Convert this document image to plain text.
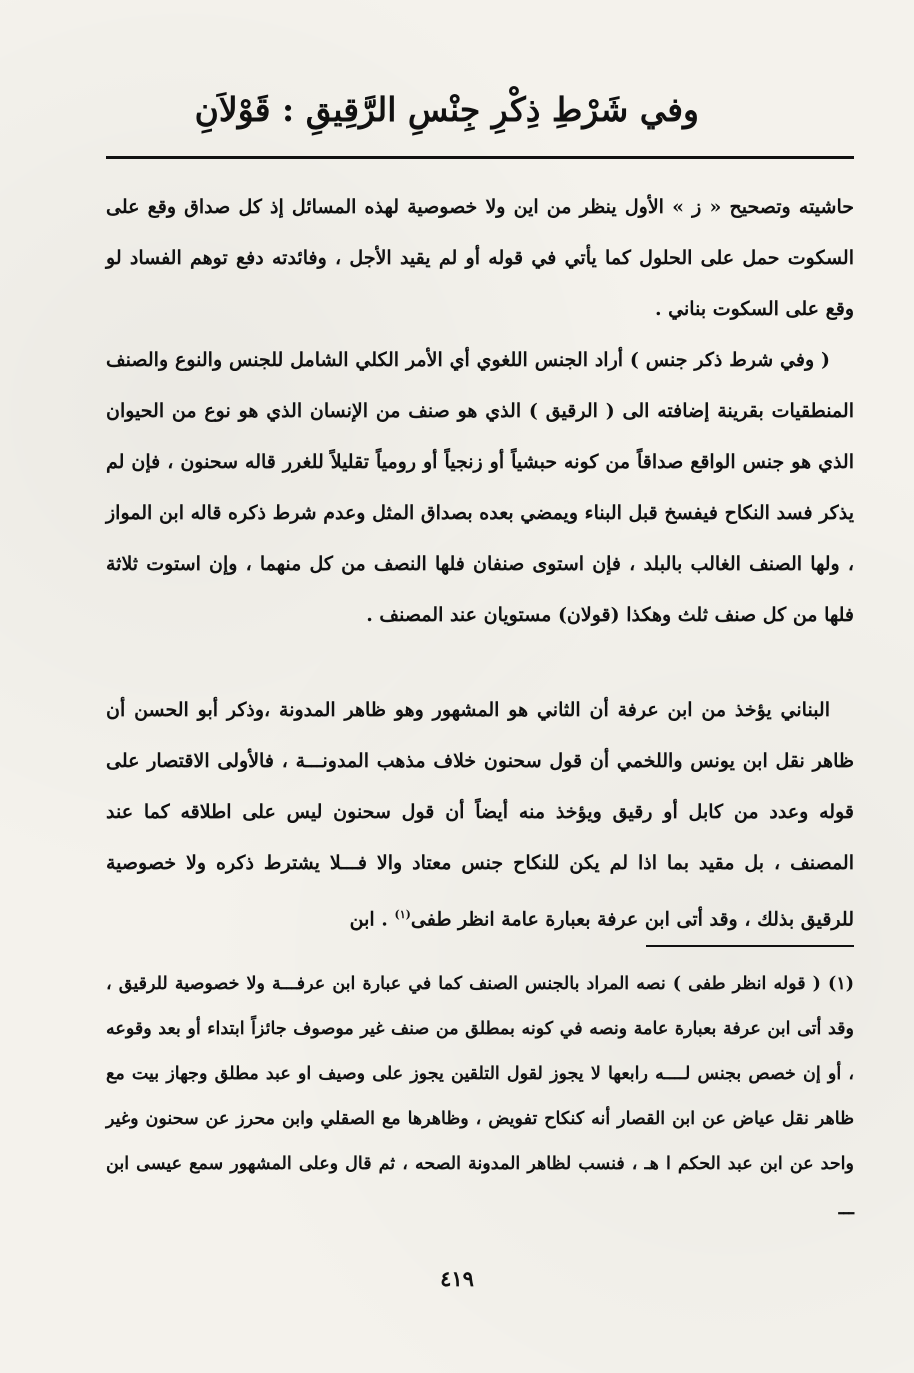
وفي شَرْطِ ذِكْرِ جِنْسِ الرَّقِيقِ : قَوْلاَنِ

حاشيته وتصحيح « ز » الأول ينظر من اين ولا خصوصية لهذه المسائل إذ كل صداق وقع على السكوت حمل على الحلول كما يأتي في قوله أو لم يقيد الأجل ، وفائدته دفع توهم الفساد لو وقع على السكوت بناني .

( وفي شرط ذكر جنس ) أراد الجنس اللغوي أي الأمر الكلي الشامل للجنس والنوع والصنف المنطقيات بقرينة إضافته الى ( الرقيق ) الذي هو صنف من الإنسان الذي هو نوع من الحيوان الذي هو جنس الواقع صداقاً من كونه حبشياً أو زنجياً أو رومياً تقليلاً للغرر قاله سحنون ، فإن لم يذكر فسد النكاح فيفسخ قبل البناء ويمضي بعده بصداق المثل وعدم شرط ذكره قاله ابن المواز ، ولها الصنف الغالب بالبلد ، فإن استوى صنفان فلها النصف من كل منهما ، وإن استوت ثلاثة فلها من كل صنف ثلث وهكذا (قولان) مستويان عند المصنف .

البناني يؤخذ من ابن عرفة أن الثاني هو المشهور وهو ظاهر المدونة ،وذكر أبو الحسن أن ظاهر نقل ابن يونس واللخمي أن قول سحنون خلاف مذهب المدونـــة ، فالأولى الاقتصار على قوله وعدد من كابل أو رقيق ويؤخذ منه أيضاً أن قول سحنون ليس على اطلاقه كما عند المصنف ، بل مقيد بما اذا لم يكن للنكاح جنس معتاد والا فـــلا يشترط ذكره ولا خصوصية للرقيق بذلك ، وقد أتى ابن عرفة بعبارة عامة انظر طفى$^{(١)}$ . ابن

(١) ( قوله انظر طفى ) نصه المراد بالجنس الصنف كما في عبارة ابن عرفـــة ولا خصوصية للرقيق ، وقد أتى ابن عرفة بعبارة عامة ونصه في كونه بمطلق من صنف غير موصوف جائزاً ابتداء أو بعد وقوعه ، أو إن خصص بجنس لــــه رابعها لا يجوز لقول التلقين يجوز على وصيف او عبد مطلق وجهاز بيت مع ظاهر نقل عياض عن ابن القصار أنه كنكاح تفويض ، وظاهرها مع الصقلي وابن محرز عن سحنون وغير واحد عن ابن عبد الحكم ا هـ ، فنسب لظاهر المدونة الصحه ، ثم قال وعلى المشهور سمع عيسى ابن ـــ
٤١٩
